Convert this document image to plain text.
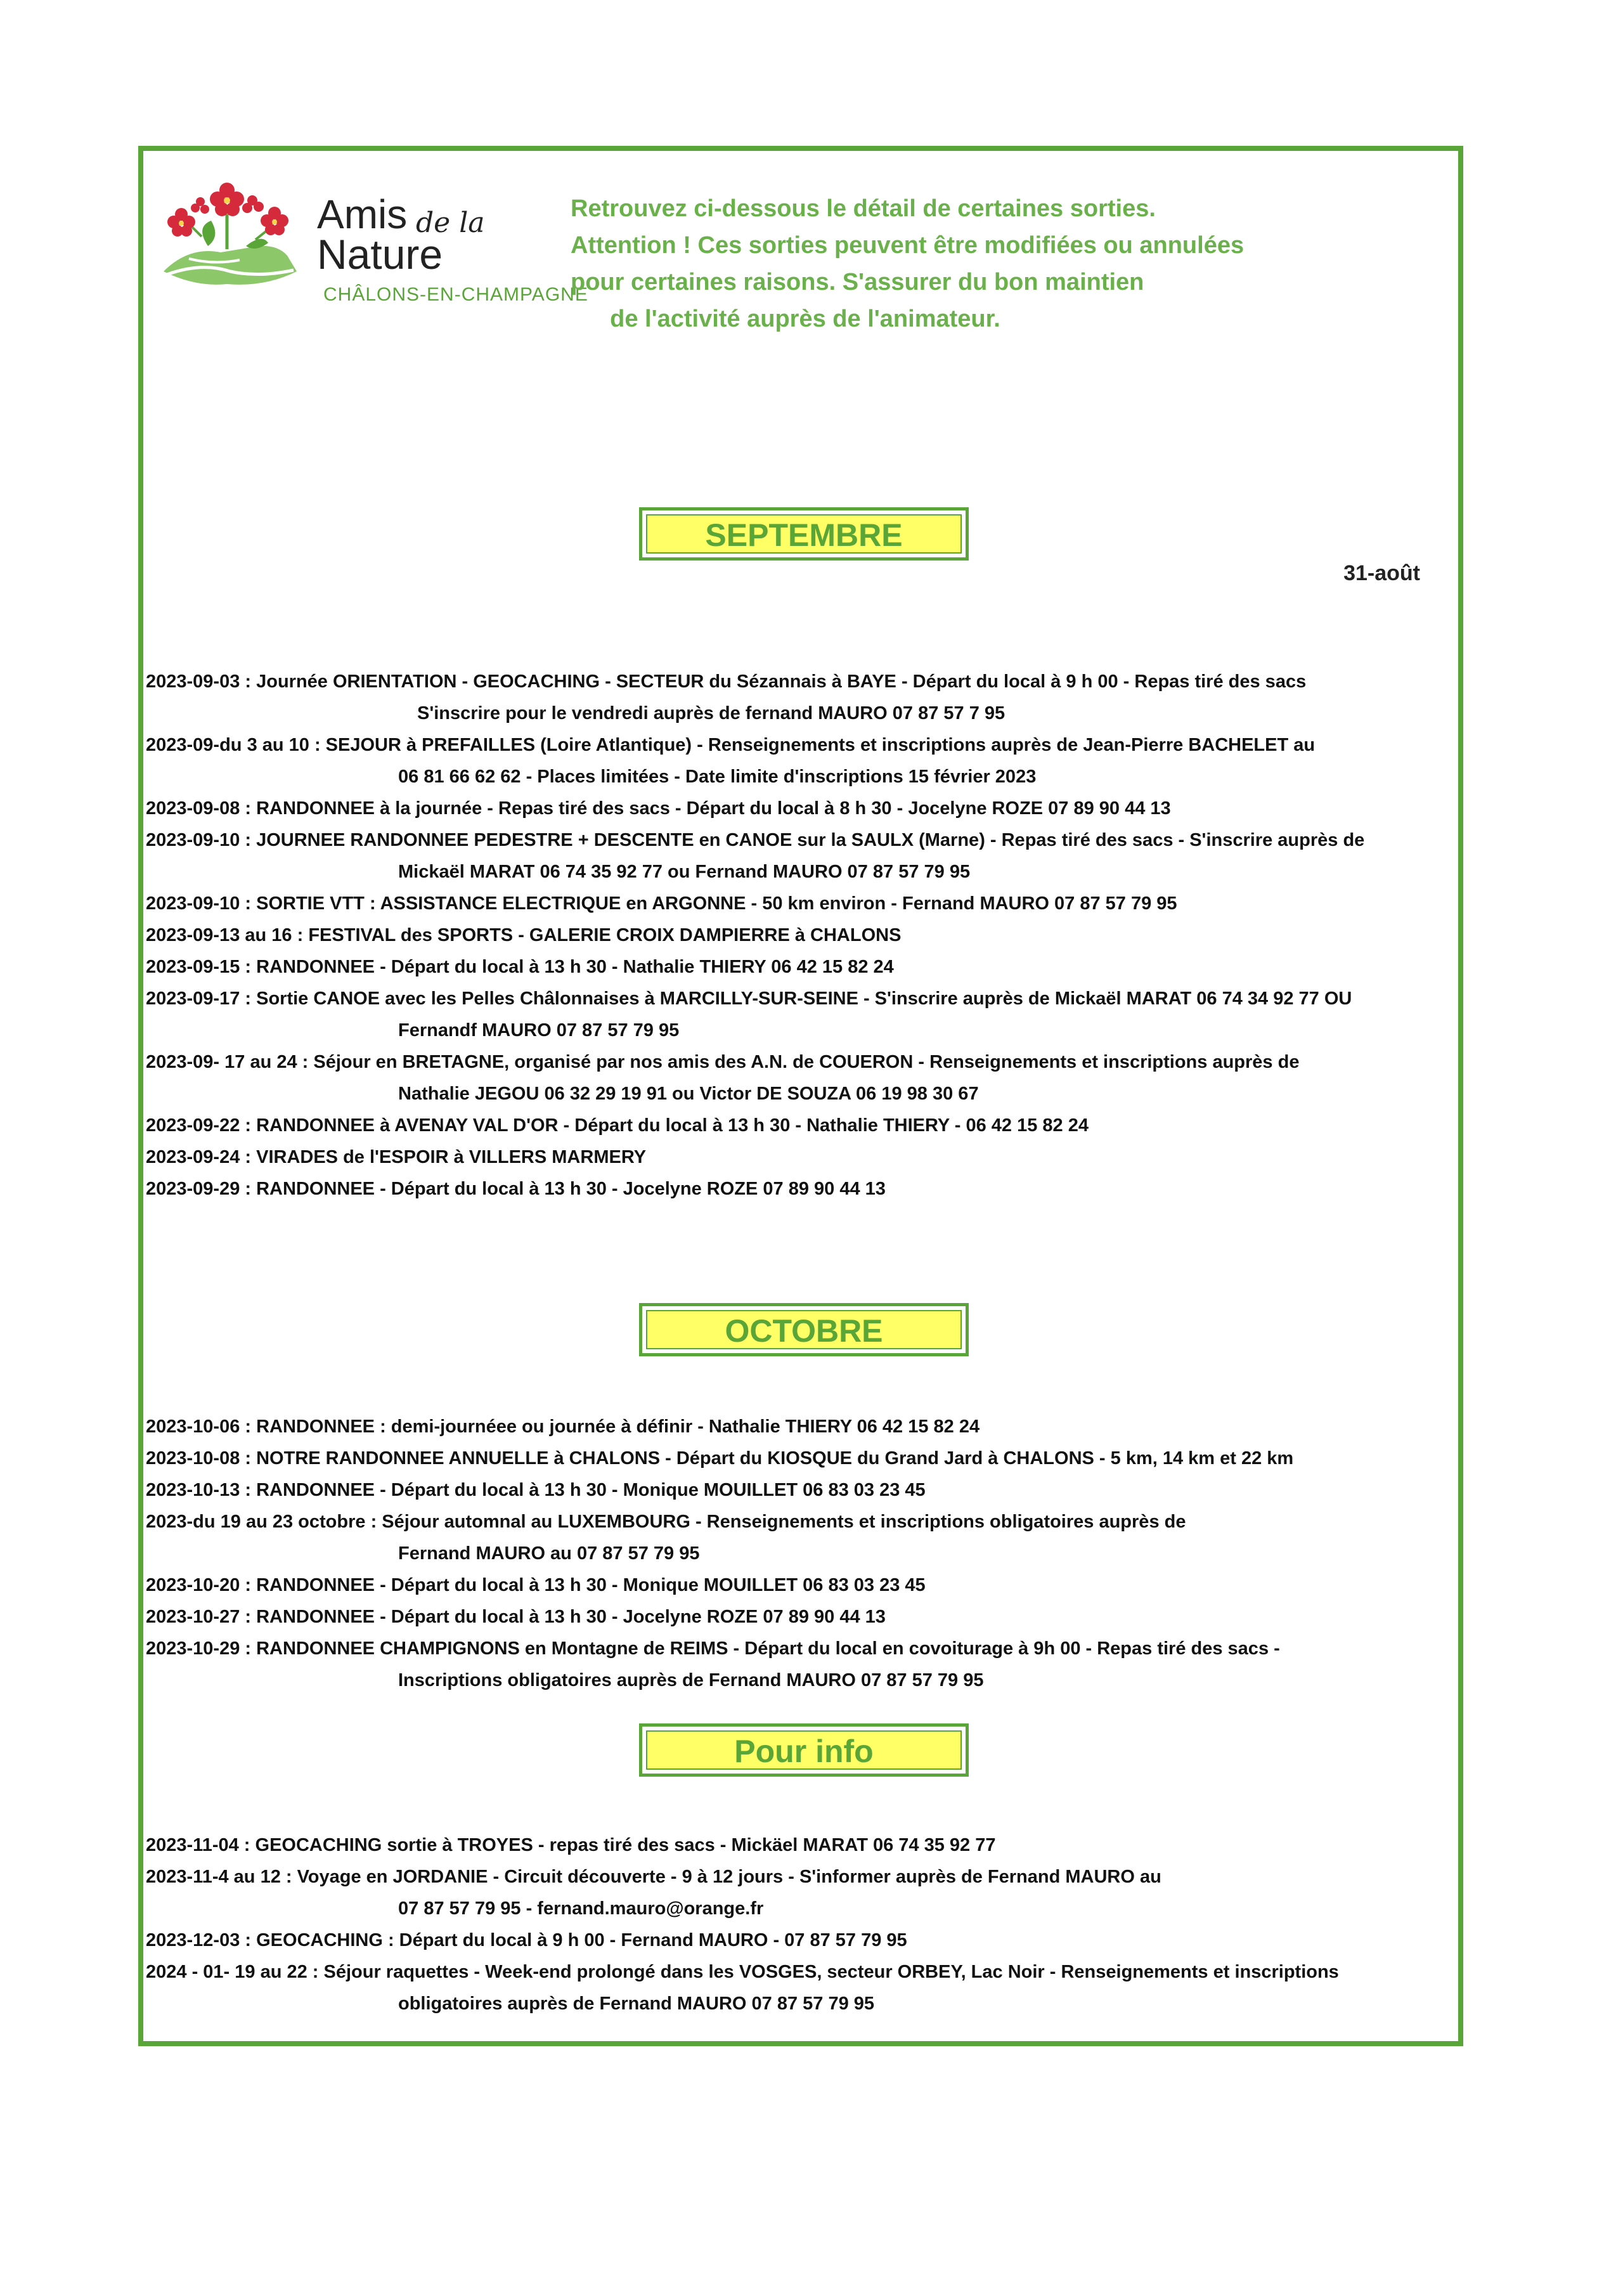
Amis de la
Nature
CHÂLONS-EN-CHAMPAGNE
Retrouvez ci-dessous le détail de certaines sorties.
Attention ! Ces sorties peuvent être modifiées ou annulées
pour certaines raisons. S'assurer du bon maintien
de l'activité auprès de l'animateur.
SEPTEMBRE
31-août
2023-09-03 : Journée ORIENTATION - GEOCACHING - SECTEUR du Sézannais à BAYE - Départ du local à 9 h 00 - Repas tiré des sacs
S'inscrire pour le vendredi auprès de fernand MAURO 07 87 57 7 95
2023-09-du 3 au 10 : SEJOUR à PREFAILLES (Loire Atlantique) - Renseignements et inscriptions auprès de Jean-Pierre BACHELET au
06 81 66 62 62 - Places limitées - Date limite d'inscriptions 15 février 2023
2023-09-08 : RANDONNEE à la journée - Repas tiré des sacs - Départ du local à 8 h 30 - Jocelyne ROZE 07 89 90 44 13
2023-09-10 : JOURNEE RANDONNEE PEDESTRE + DESCENTE en CANOE sur la SAULX (Marne) - Repas tiré des sacs - S'inscrire auprès de
Mickaël MARAT 06 74 35 92 77 ou Fernand MAURO 07 87 57 79 95
2023-09-10 : SORTIE VTT : ASSISTANCE ELECTRIQUE en ARGONNE - 50 km environ - Fernand MAURO 07 87 57 79 95
2023-09-13 au 16 : FESTIVAL des SPORTS - GALERIE CROIX DAMPIERRE à CHALONS
2023-09-15 : RANDONNEE - Départ du local à 13 h 30 - Nathalie THIERY 06 42 15 82 24
2023-09-17 : Sortie CANOE avec les Pelles Châlonnaises à MARCILLY-SUR-SEINE - S'inscrire auprès de Mickaël MARAT 06 74 34 92 77 OU
Fernandf MAURO 07 87 57 79 95
2023-09- 17 au 24 : Séjour en BRETAGNE, organisé par nos amis des A.N. de COUERON - Renseignements et inscriptions auprès de
Nathalie JEGOU 06 32 29 19 91 ou Victor DE SOUZA 06 19 98 30 67
2023-09-22 : RANDONNEE à AVENAY VAL D'OR - Départ du local à 13 h 30 - Nathalie THIERY - 06 42 15 82 24
2023-09-24 : VIRADES de l'ESPOIR à VILLERS MARMERY
2023-09-29 : RANDONNEE - Départ du local à 13 h 30 - Jocelyne ROZE 07 89 90 44 13
OCTOBRE
2023-10-06 : RANDONNEE : demi-journéee ou journée à définir - Nathalie THIERY 06 42 15 82 24
2023-10-08 : NOTRE RANDONNEE ANNUELLE à CHALONS - Départ du KIOSQUE du Grand Jard à CHALONS - 5 km, 14 km et 22 km
2023-10-13 : RANDONNEE - Départ du local à 13 h 30 - Monique MOUILLET 06 83 03 23 45
2023-du 19 au 23 octobre : Séjour automnal au LUXEMBOURG - Renseignements et inscriptions obligatoires auprès de
Fernand MAURO au 07 87 57 79 95
2023-10-20 : RANDONNEE - Départ du local à 13 h 30 - Monique MOUILLET 06 83 03 23 45
2023-10-27 : RANDONNEE - Départ du local à 13 h 30 - Jocelyne ROZE 07 89 90 44 13
2023-10-29 : RANDONNEE CHAMPIGNONS en Montagne de REIMS - Départ du local en covoiturage à 9h 00 - Repas tiré des sacs -
Inscriptions obligatoires auprès de Fernand MAURO 07 87 57 79 95
Pour info
2023-11-04 : GEOCACHING sortie à TROYES - repas tiré des sacs - Mickäel MARAT 06 74 35 92 77
2023-11-4 au 12 : Voyage en JORDANIE - Circuit découverte - 9 à 12 jours - S'informer auprès de Fernand MAURO au
07 87 57 79 95 - fernand.mauro@orange.fr
2023-12-03 : GEOCACHING : Départ du local à 9 h 00 - Fernand MAURO - 07 87 57 79 95
2024 - 01- 19 au 22 : Séjour raquettes - Week-end prolongé dans les VOSGES, secteur ORBEY, Lac Noir - Renseignements et inscriptions
obligatoires auprès de Fernand MAURO 07 87 57 79 95
